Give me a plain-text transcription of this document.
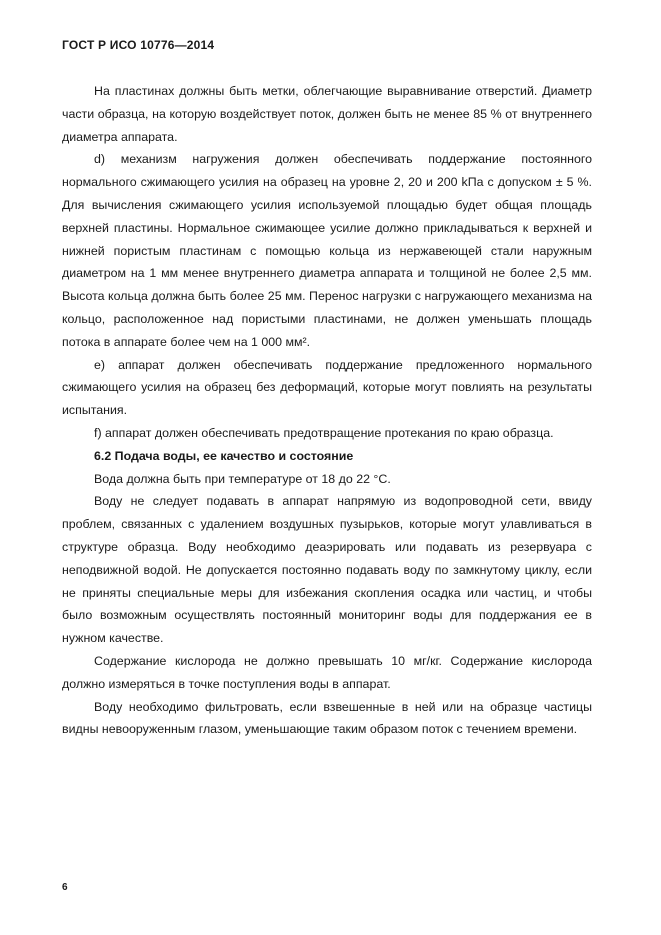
ГОСТ Р ИСО 10776—2014

На пластинах должны быть метки, облегчающие выравнивание отверстий. Диаметр части образца, на которую воздействует поток, должен быть не менее 85 % от внутреннего диаметра аппарата.

d) механизм нагружения должен обеспечивать поддержание постоянного нормального сжимающего усилия на образец на уровне 2, 20 и 200 kПа с допуском ± 5 %. Для вычисления сжимающего усилия используемой площадью будет общая площадь верхней пластины. Нормальное сжимающее усилие должно прикладываться к верхней и нижней пористым пластинам с помощью кольца из нержавеющей стали наружным диаметром на 1 мм менее внутреннего диаметра аппарата и толщиной не более 2,5 мм. Высота кольца должна быть более 25 мм. Перенос нагрузки с нагружающего механизма на кольцо, расположенное над пористыми пластинами, не должен уменьшать площадь потока в аппарате более чем на 1 000 мм².

е) аппарат должен обеспечивать поддержание предложенного нормального сжимающего усилия на образец без деформаций, которые могут повлиять на результаты испытания.

f) аппарат должен обеспечивать предотвращение протекания по краю образца.

6.2 Подача воды, ее качество и состояние

Вода должна быть при температуре от 18 до 22 °С.

Воду не следует подавать в аппарат напрямую из водопроводной сети, ввиду проблем, связанных с удалением воздушных пузырьков, которые могут улавливаться в структуре образца. Воду необходимо деаэрировать или подавать из резервуара с неподвижной водой. Не допускается постоянно подавать воду по замкнутому циклу, если не приняты специальные меры для избежания скопления осадка или частиц, и чтобы было возможным осуществлять постоянный мониторинг воды для поддержания ее в нужном качестве.

Содержание кислорода не должно превышать 10 мг/кг. Содержание кислорода должно измеряться в точке поступления воды в аппарат.

Воду необходимо фильтровать, если взвешенные в ней или на образце частицы видны невооруженным глазом, уменьшающие таким образом поток с течением времени.

6
